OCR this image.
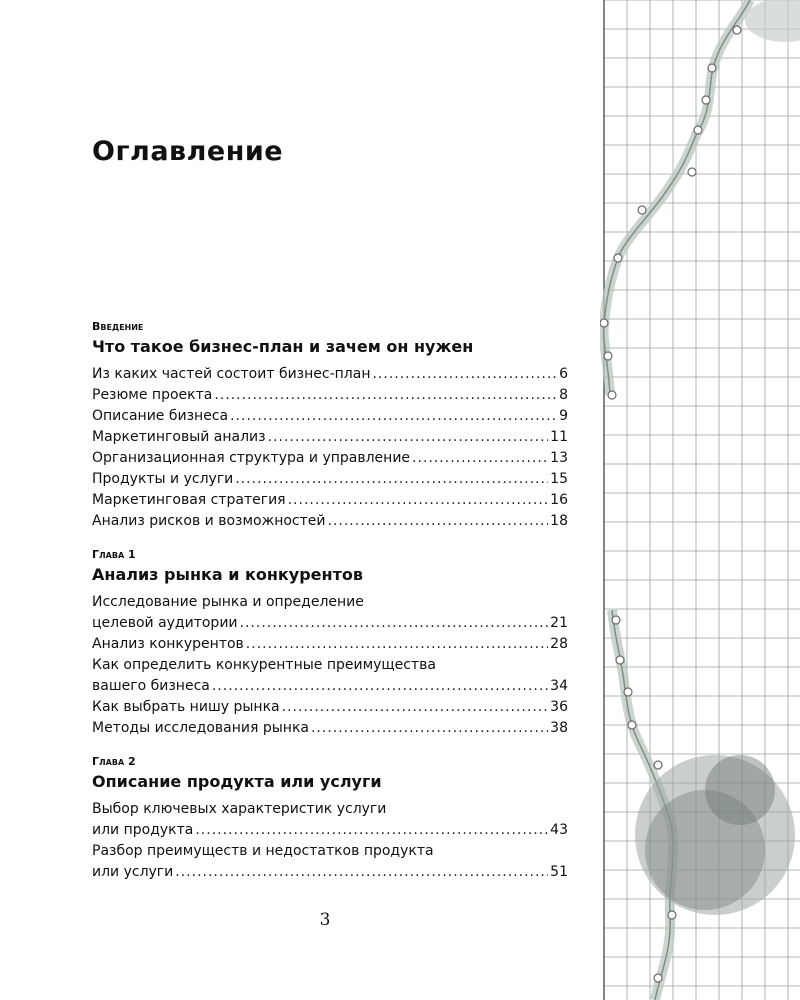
Оглавление
Введение
Что такое бизнес-план и зачем он нужен
Из каких частей состоит бизнес-план .....	6
Резюме проекта .....	8
Описание бизнеса .....	9
Маркетинговый анализ .....	11
Организационная структура и управление .....	13
Продукты и услуги .....	15
Маркетинговая стратегия .....	16
Анализ рисков и возможностей .....	18
Глава 1
Анализ рынка и конкурентов
Исследование рынка и определение
целевой аудитории .....	21
Анализ конкурентов .....	28
Как определить конкурентные преимущества
вашего бизнеса .....	34
Как выбрать нишу рынка .....	36
Методы исследования рынка .....	38
Глава 2
Описание продукта или услуги
Выбор ключевых характеристик услуги
или продукта .....	43
Разбор преимуществ и недостатков продукта
или услуги .....	51
3
